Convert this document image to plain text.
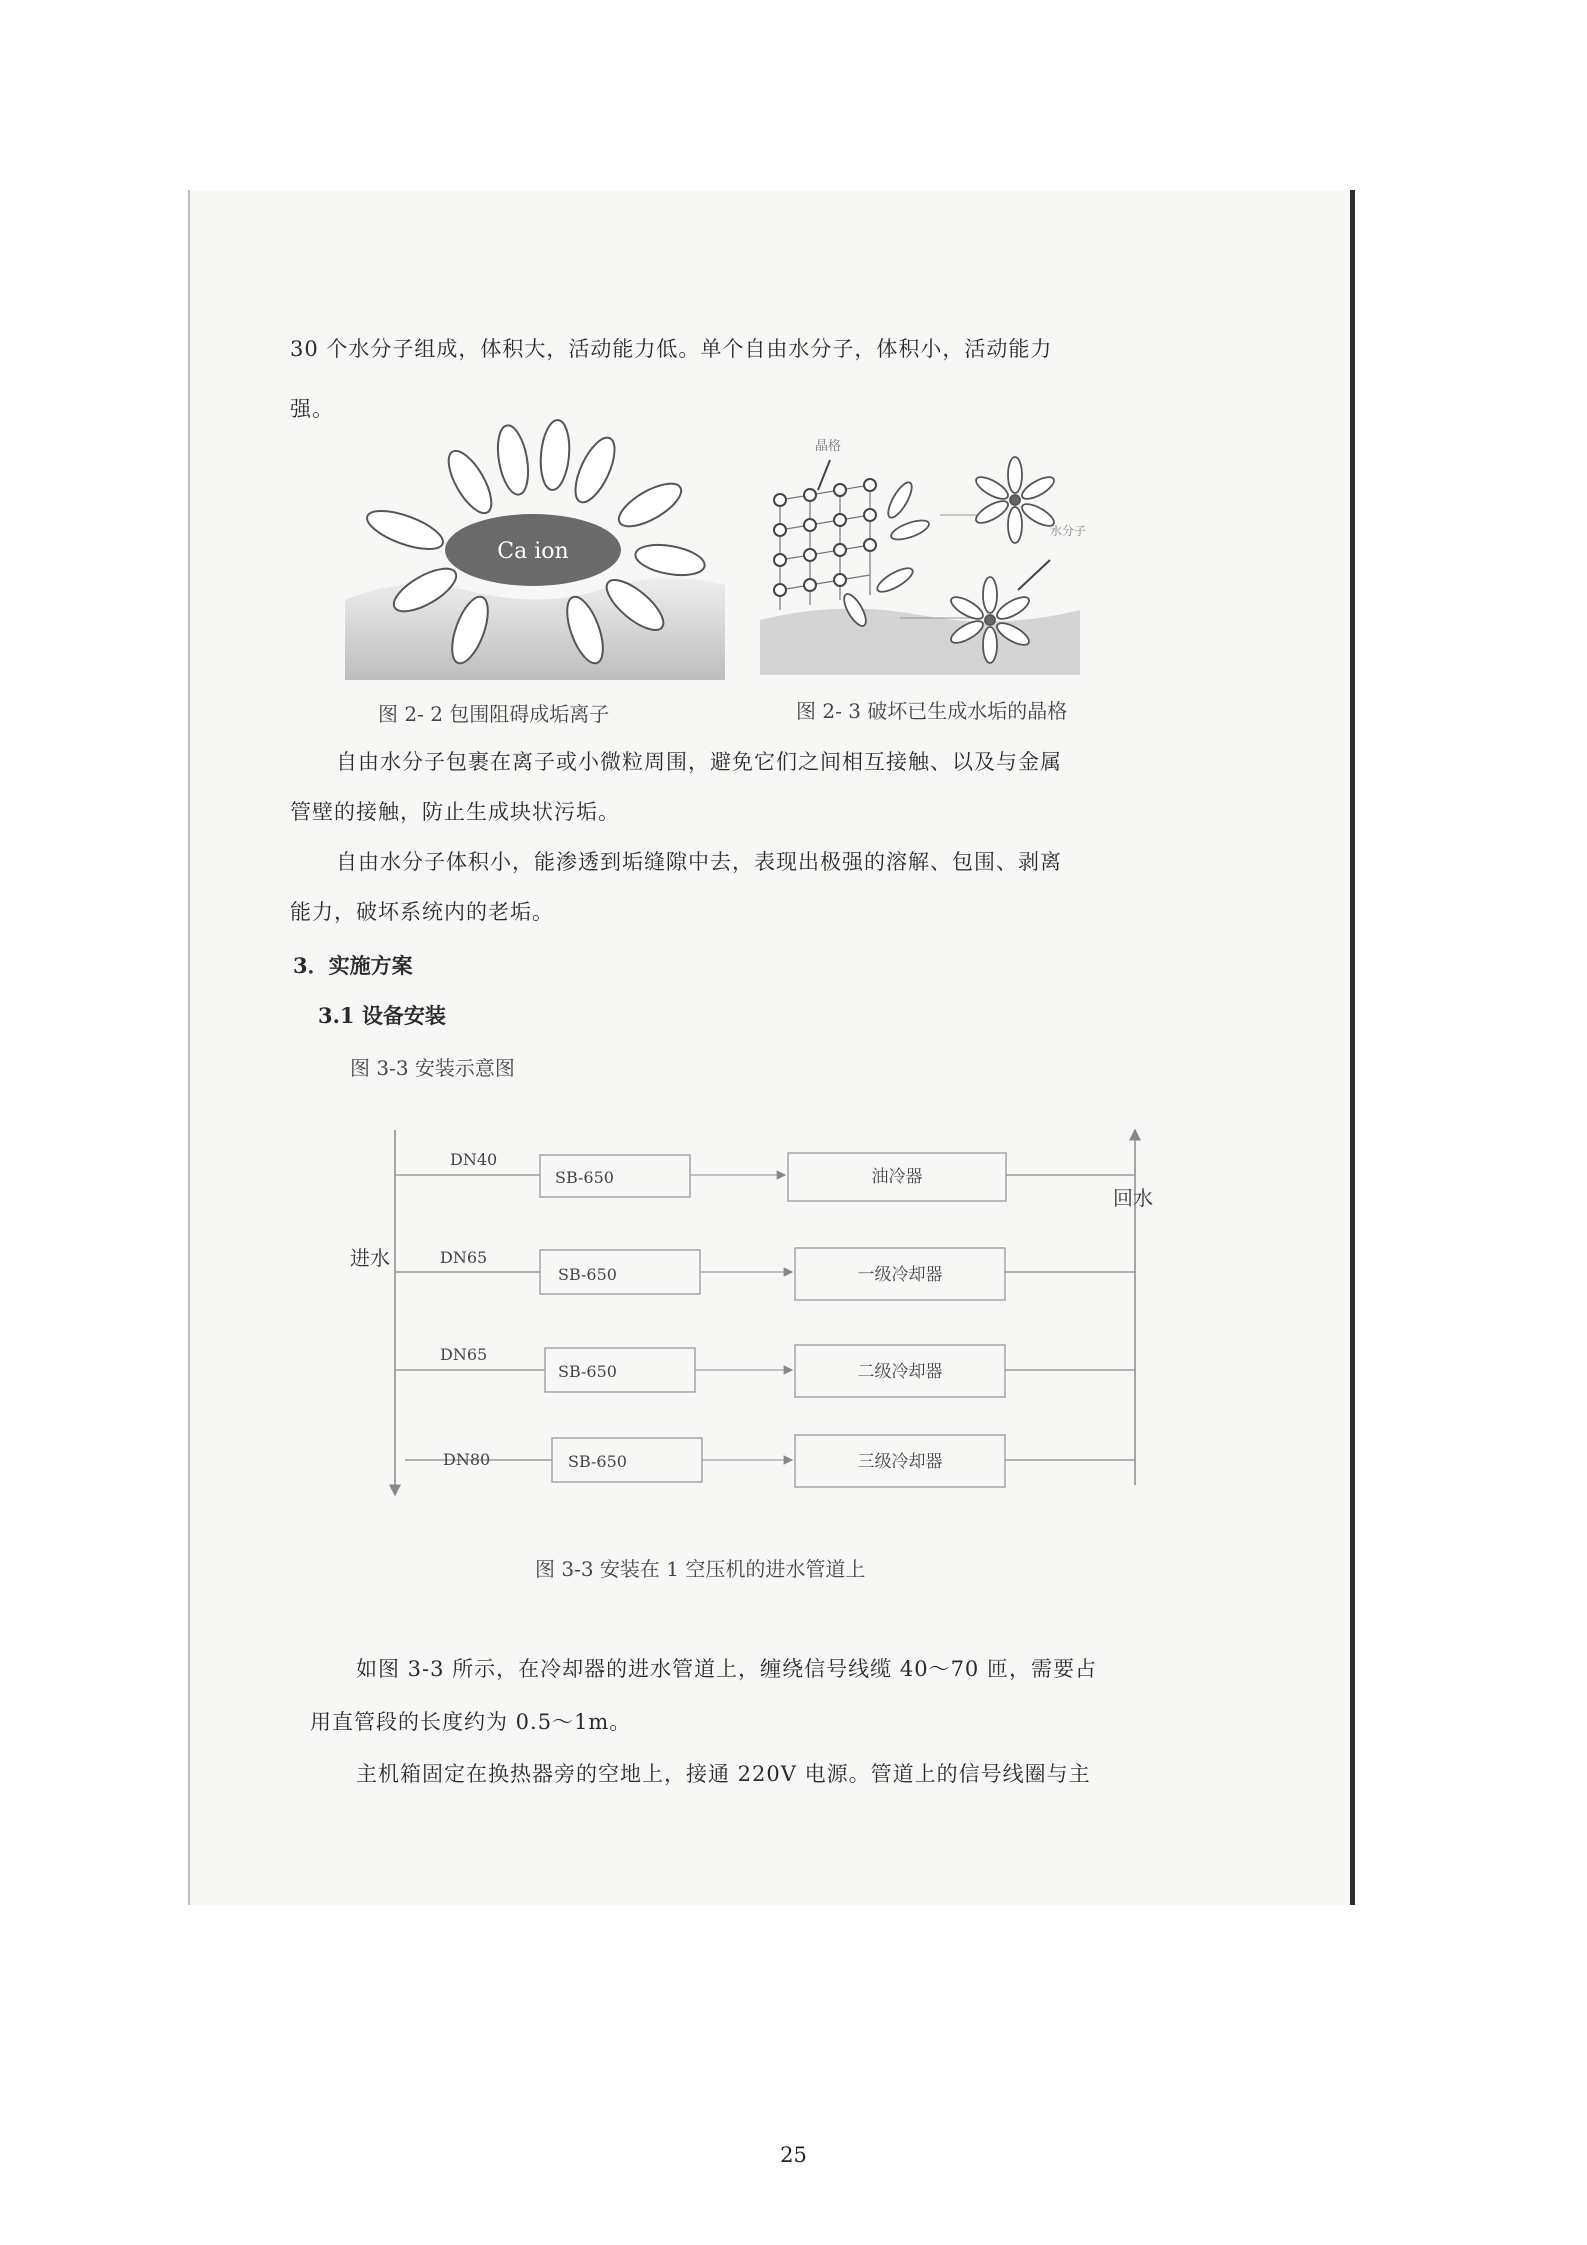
30 个水分子组成，体积大，活动能力低。单个自由水分子，体积小，活动能力
强。
Ca ion
晶格
水分子
图 2- 2 包围阻碍成垢离子	图 2- 3 破坏已生成水垢的晶格
自由水分子包裹在离子或小微粒周围，避免它们之间相互接触、以及与金属
管壁的接触，防止生成块状污垢。
自由水分子体积小，能渗透到垢缝隙中去，表现出极强的溶解、包围、剥离
能力，破坏系统内的老垢。
3．实施方案
3.1 设备安装
图 3-3 安装示意图
进水
回水
DN40
SB-650	油冷器
DN65
SB-650	一级冷却器
DN65
SB-650	二级冷却器
DN80	SB-650	三级冷却器
图 3-3 安装在 1 空压机的进水管道上
如图 3-3 所示，在冷却器的进水管道上，缠绕信号线缆 40～70 匝，需要占
用直管段的长度约为 0.5～1m。
主机箱固定在换热器旁的空地上，接通 220V 电源。管道上的信号线圈与主
25
